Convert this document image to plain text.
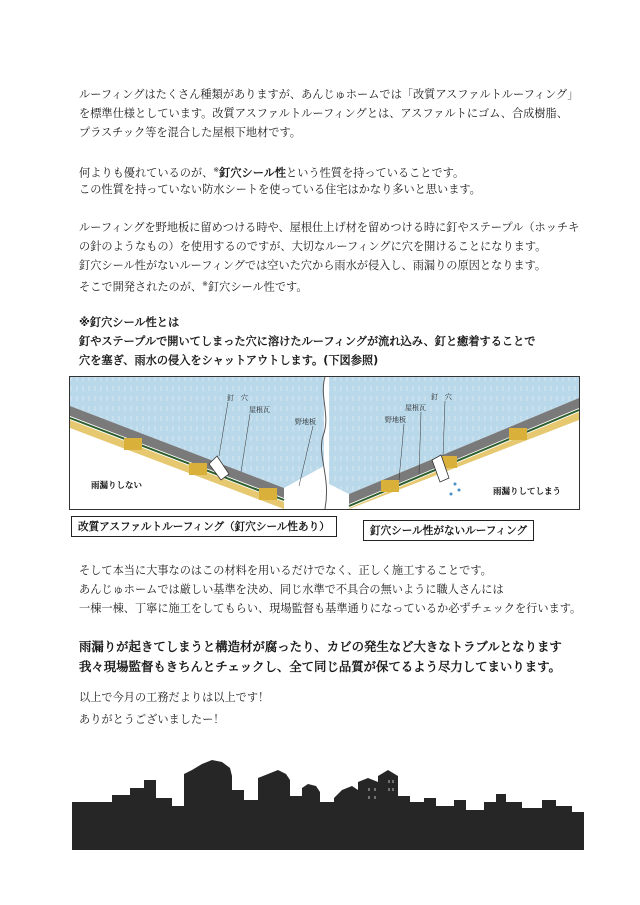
ルーフィングはたくさん種類がありますが、あんじゅホームでは「改質アスファルトルーフィング」
を標準仕様としています。改質アスファルトルーフィングとは、アスファルトにゴム、合成樹脂、
プラスチック等を混合した屋根下地材です。
何よりも優れているのが、※釘穴シール性という性質を持っていることです。
この性質を持っていない防水シートを使っている住宅はかなり多いと思います。
ルーフィングを野地板に留めつける時や、屋根仕上げ材を留めつける時に釘やステープル（ホッチキ
の針のようなもの）を使用するのですが、大切なルーフィングに穴を開けることになります。
釘穴シール性がないルーフィングでは空いた穴から雨水が侵入し、雨漏りの原因となります。
そこで開発されたのが、※釘穴シール性です。
※釘穴シール性とは
釘やステープルで開いてしまった穴に溶けたルーフィングが流れ込み、釘と癒着することで
穴を塞ぎ、雨水の侵入をシャットアウトします。(下図参照)
釘　穴
屋根瓦
野地板
釘　穴
屋根瓦
野地板
雨漏りしない
雨漏りしてしまう
改質アスファルトルーフィング（釘穴シール性あり）	釘穴シール性がないルーフィング
そして本当に大事なのはこの材料を用いるだけでなく、正しく施工することです。
あんじゅホームでは厳しい基準を決め、同じ水準で不具合の無いように職人さんには
一棟一棟、丁寧に施工をしてもらい、現場監督も基準通りになっているか必ずチェックを行います。
雨漏りが起きてしまうと構造材が腐ったり、カビの発生など大きなトラブルとなります
我々現場監督もきちんとチェックし、全て同じ品質が保てるよう尽力してまいります。
以上で今月の工務だよりは以上です！
ありがとうございましたー！
